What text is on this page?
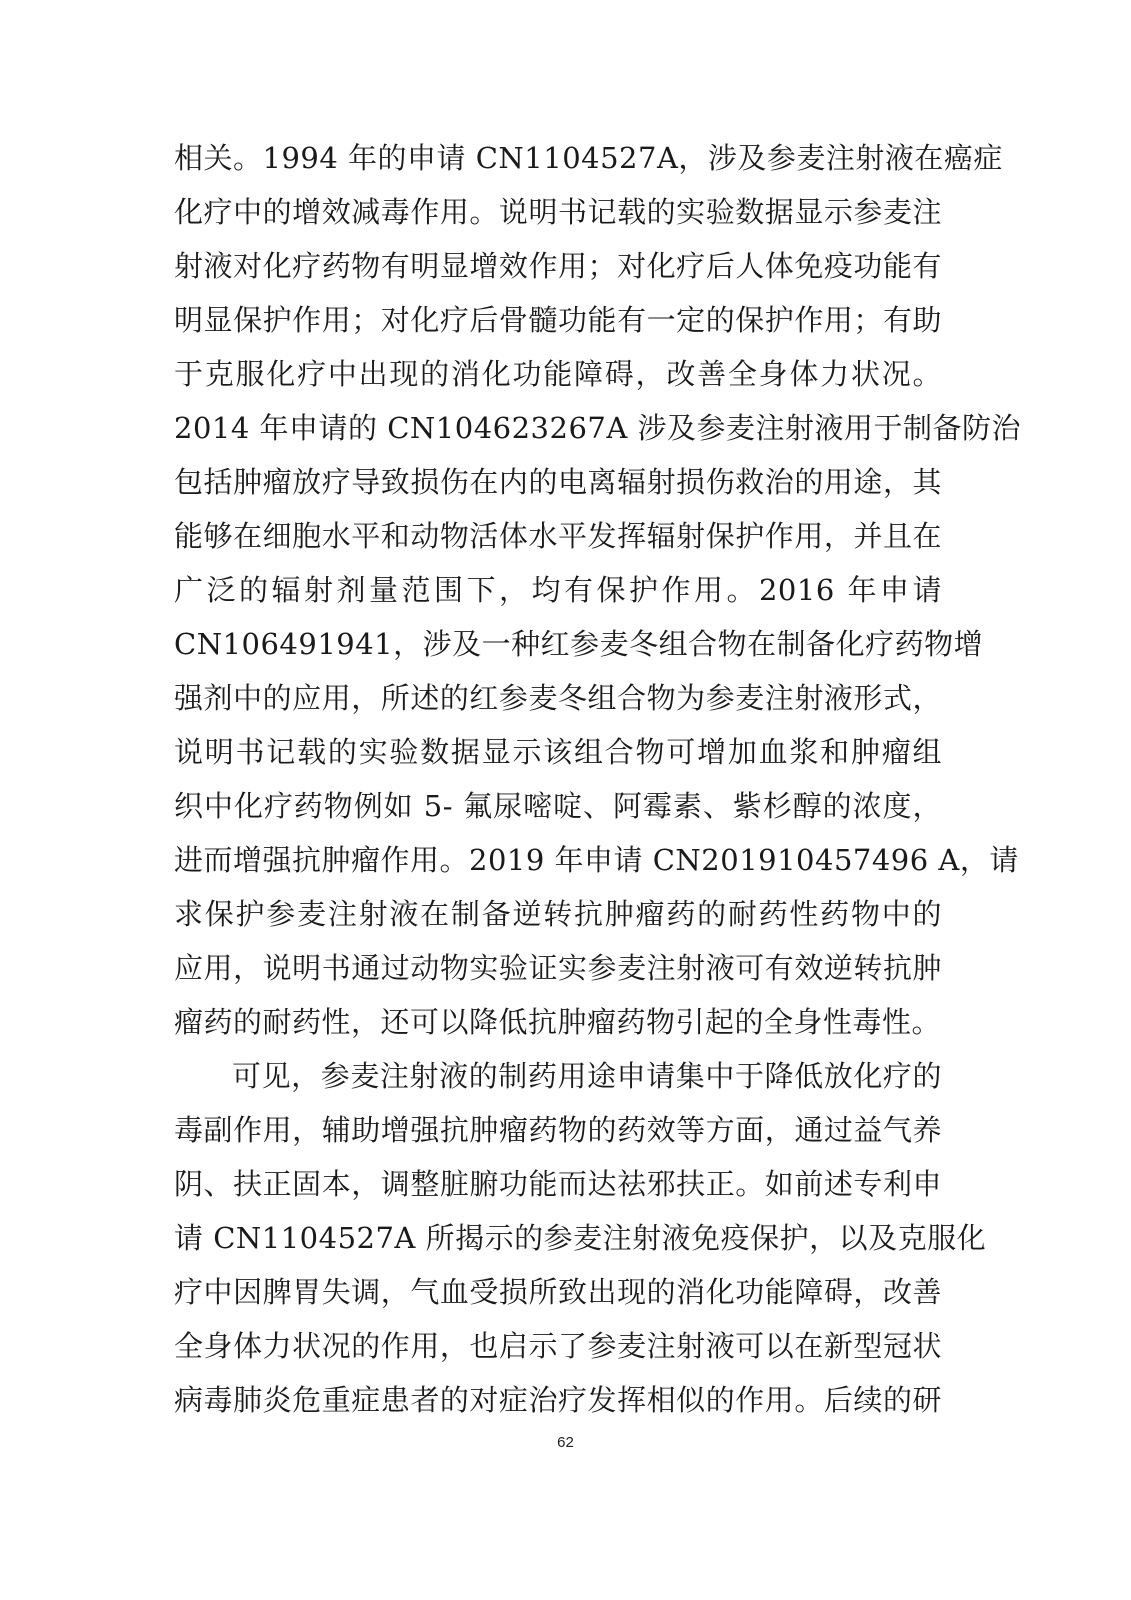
相关。1994 年的申请 CN1104527A，涉及参麦注射液在癌症
化疗中的增效减毒作用。说明书记载的实验数据显示参麦注
射液对化疗药物有明显增效作用；对化疗后人体免疫功能有
明显保护作用；对化疗后骨髓功能有一定的保护作用；有助
于克服化疗中出现的消化功能障碍，改善全身体力状况。
2014 年申请的 CN104623267A 涉及参麦注射液用于制备防治
包括肿瘤放疗导致损伤在内的电离辐射损伤救治的用途，其
能够在细胞水平和动物活体水平发挥辐射保护作用，并且在
广泛的辐射剂量范围下，均有保护作用。2016 年申请
CN106491941，涉及一种红参麦冬组合物在制备化疗药物增
强剂中的应用，所述的红参麦冬组合物为参麦注射液形式，
说明书记载的实验数据显示该组合物可增加血浆和肿瘤组
织中化疗药物例如 5- 氟尿嘧啶、阿霉素、紫杉醇的浓度，
进而增强抗肿瘤作用。2019 年申请 CN201910457496 A，请
求保护参麦注射液在制备逆转抗肿瘤药的耐药性药物中的
应用，说明书通过动物实验证实参麦注射液可有效逆转抗肿
瘤药的耐药性，还可以降低抗肿瘤药物引起的全身性毒性。
可见，参麦注射液的制药用途申请集中于降低放化疗的
毒副作用，辅助增强抗肿瘤药物的药效等方面，通过益气养
阴、扶正固本，调整脏腑功能而达祛邪扶正。如前述专利申
请 CN1104527A 所揭示的参麦注射液免疫保护，以及克服化
疗中因脾胃失调，气血受损所致出现的消化功能障碍，改善
全身体力状况的作用，也启示了参麦注射液可以在新型冠状
病毒肺炎危重症患者的对症治疗发挥相似的作用。后续的研
62
